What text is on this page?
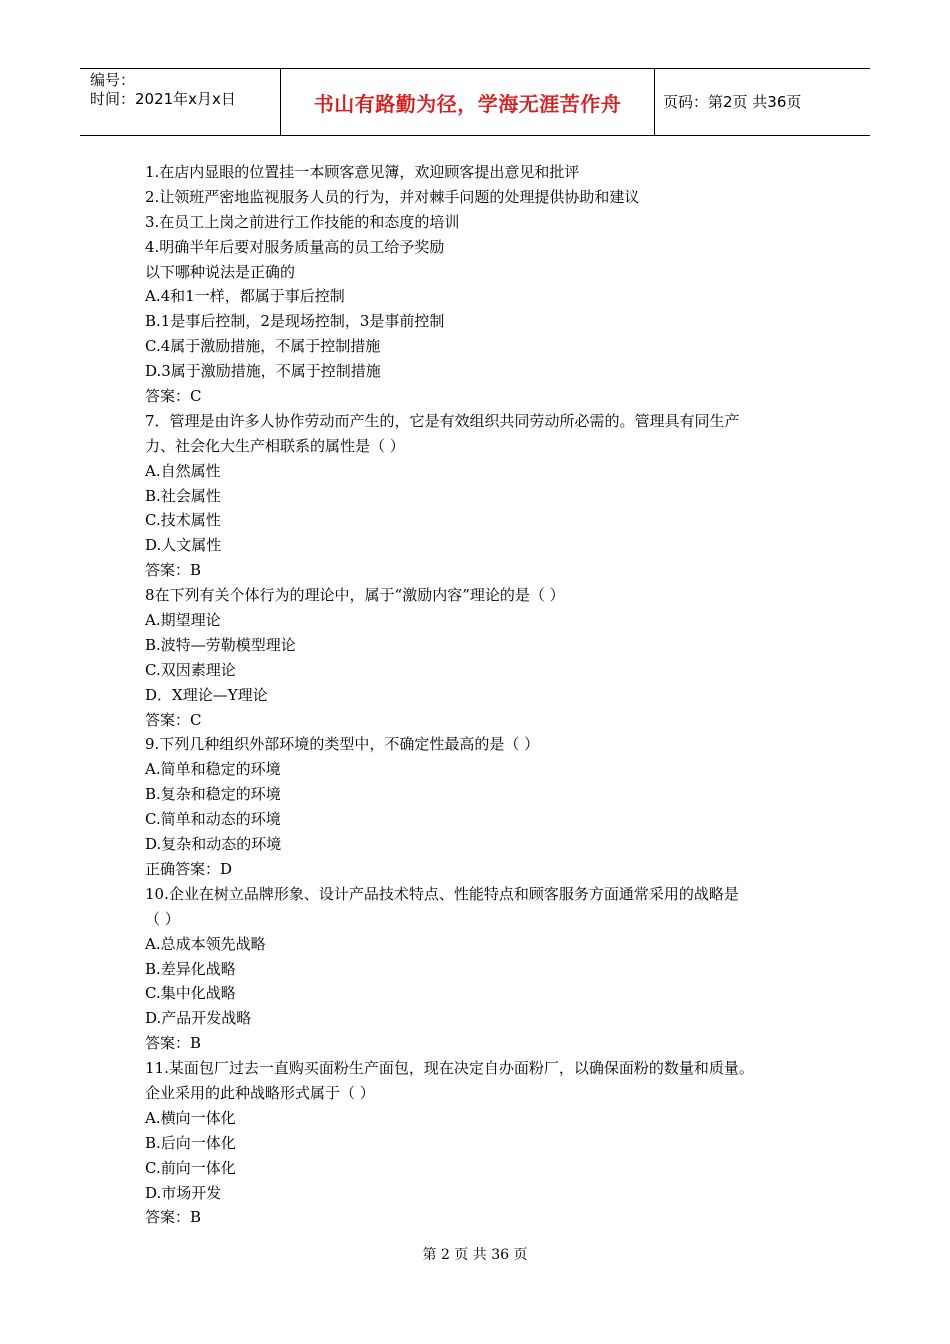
编号：
时间：2021年x月x日	书山有路勤为径，学海无涯苦作舟	页码：第2页 共36页
1.在店内显眼的位置挂一本顾客意见簿，欢迎顾客提出意见和批评
2.让领班严密地监视服务人员的行为，并对棘手问题的处理提供协助和建议
3.在员工上岗之前进行工作技能的和态度的培训
4.明确半年后要对服务质量高的员工给予奖励
以下哪种说法是正确的
A.4和1一样，都属于事后控制
B.1是事后控制，2是现场控制，3是事前控制
C.4属于激励措施，不属于控制措施
D.3属于激励措施，不属于控制措施
答案：C
7．管理是由许多人协作劳动而产生的，它是有效组织共同劳动所必需的。管理具有同生产
力、社会化大生产相联系的属性是（ ）
A.自然属性
B.社会属性
C.技术属性
D.人文属性
答案：B
8在下列有关个体行为的理论中，属于“激励内容”理论的是（ ）
A.期望理论
B.波特—劳勒模型理论
C.双因素理论
D．X理论—Y理论
答案：C
9.下列几种组织外部环境的类型中，不确定性最高的是（ ）
A.简单和稳定的环境
B.复杂和稳定的环境
C.简单和动态的环境
D.复杂和动态的环境
正确答案：D
10.企业在树立品牌形象、设计产品技术特点、性能特点和顾客服务方面通常采用的战略是
（ ）
A.总成本领先战略
B.差异化战略
C.集中化战略
D.产品开发战略
答案：B
11.某面包厂过去一直购买面粉生产面包，现在决定自办面粉厂，以确保面粉的数量和质量。
企业采用的此种战略形式属于（ ）
A.横向一体化
B.后向一体化
C.前向一体化
D.市场开发
答案：B
第 2 页 共 36 页
